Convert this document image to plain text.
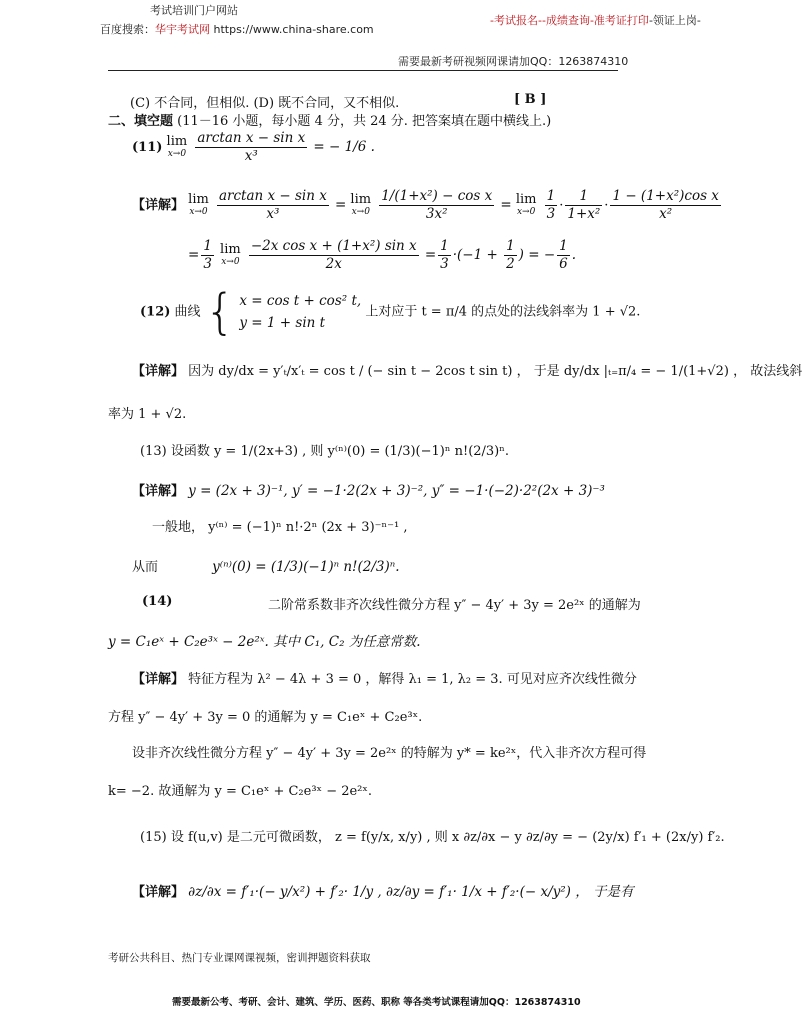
考试培训门户网站
百度搜索：华宇考试网 https://www.china-share.com
-考试报名--成绩查询-准考证打印-领证上岗-
需要最新考研视频网课请加QQ：1263874310
(C) 不合同，但相似. (D) 既不合同，又不相似.	[ B ]
二、填空题 (11－16 小题，每小题 4 分，共 24 分. 把答案填在题中横线上.)
(11) lim
x→0
$\frac{\text{arctan x − sin x}}{\text{x³}}$ = − 1/6 .
【详解】 lim
x→0
$\frac{\text{arctan x − sin x}}{\text{x³}} = \lim$
x→0
$\frac{\text{1/(1+x²) − cos x}}{\text{3x²}} = \lim$
x→0
$\frac{1}{3} \cdot \frac{1}{\text{1+x²}} \cdot \frac{\text{1 − (1+x²)cos x}}{\text{x²}}$
= $\frac{1}{3}$ lim
x→0
$\frac{\text{−2x cos x + (1+x²) sin x}}{2x} = \frac{1}{3} \cdot(-1 + \frac{1}{2}$ ) = − $\frac{1}{6}$ .
(12) 曲线 { x = cos t + cos² t,
y = 1 + sin t
上对应于 t = π/4 的点处的法线斜率为 1 + √2.
【详解】 因为 dy/dx = y′ₜ/x′ₜ = cos t / (− sin t − 2cos t sin t) ， 于是 dy/dx |ₜ₌π/₄ = − 1/(1+√2) ， 故法线斜
率为 1 + √2.
(13) 设函数 y = 1/(2x+3) , 则 y⁽ⁿ⁾(0) = (1/3)(−1)ⁿ n!(2/3)ⁿ.
【详解】 y = (2x + 3)⁻¹, y′ = −1·2(2x + 3)⁻², y″ = −1·(−2)·2²(2x + 3)⁻³
一般地， y⁽ⁿ⁾ = (−1)ⁿ n!·2ⁿ (2x + 3)⁻ⁿ⁻¹ ,
从而	y⁽ⁿ⁾(0) = (1/3)(−1)ⁿ n!(2/3)ⁿ.
(14)	二阶常系数非齐次线性微分方程 y″ − 4y′ + 3y = 2e²ˣ 的通解为
y = C₁eˣ + C₂e³ˣ − 2e²ˣ. 其中 C₁, C₂ 为任意常数.
【详解】 特征方程为 λ² − 4λ + 3 = 0 ，解得 λ₁ = 1, λ₂ = 3. 可见对应齐次线性微分
方程 y″ − 4y′ + 3y = 0 的通解为 y = C₁eˣ + C₂e³ˣ.
设非齐次线性微分方程 y″ − 4y′ + 3y = 2e²ˣ 的特解为 y* = ke²ˣ，代入非齐次方程可得
k= −2. 故通解为 y = C₁eˣ + C₂e³ˣ − 2e²ˣ.
(15) 设 f(u,v) 是二元可微函数， z = f(y/x, x/y) , 则 x ∂z/∂x − y ∂z/∂y = − (2y/x) f′₁ + (2x/y) f′₂.
【详解】 ∂z/∂x = f′₁·(− y/x²) + f′₂· 1/y , ∂z/∂y = f′₁· 1/x + f′₂·(− x/y²) ， 于是有
考研公共科目、热门专业课网课视频，密训押题资料获取
需要最新公考、考研、会计、建筑、学历、医药、职称 等各类考试课程请加QQ：1263874310
